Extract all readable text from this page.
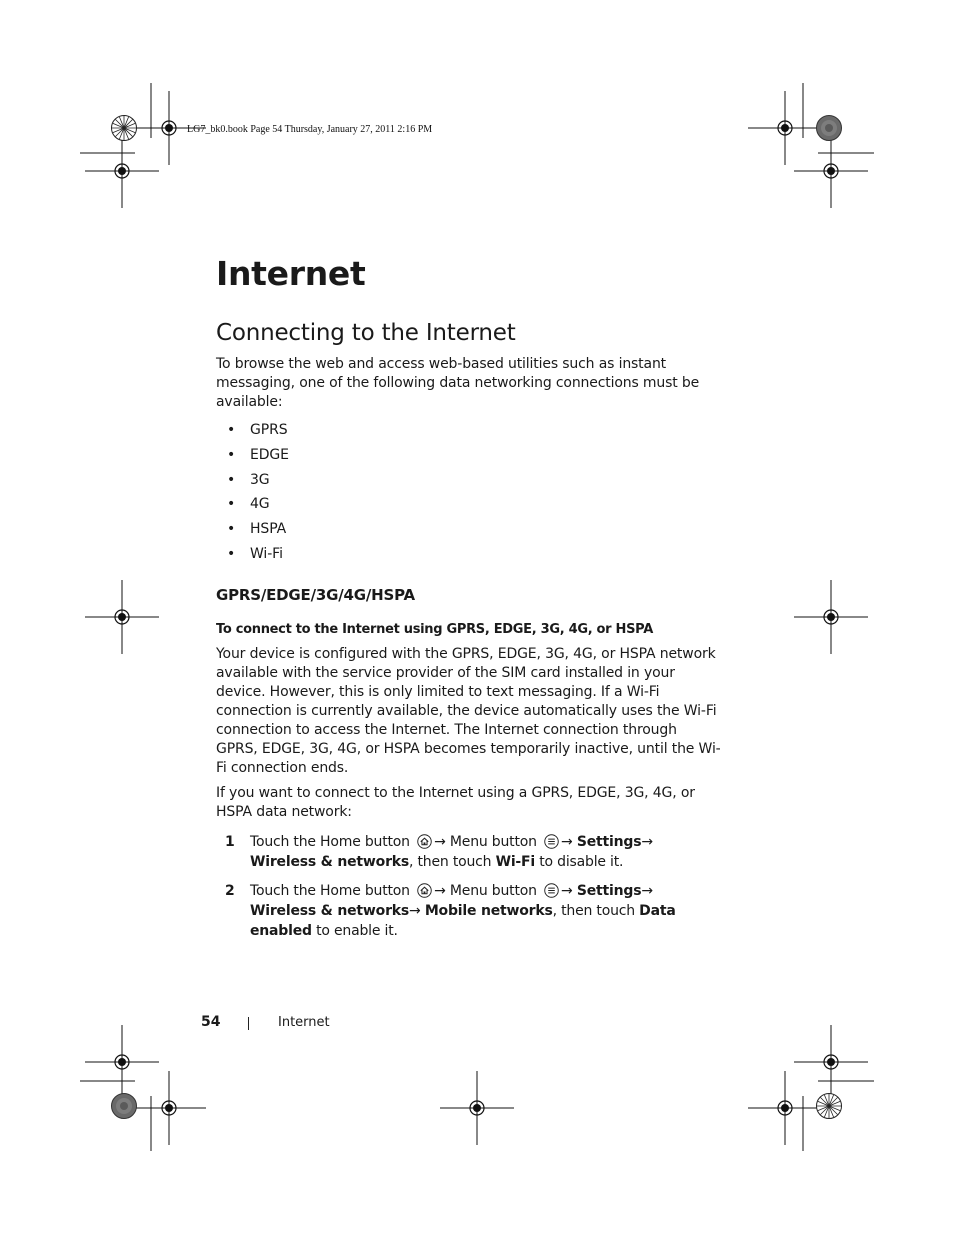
LG7_bk0.book Page 54 Thursday, January 27, 2011 2:16 PM
Internet
Connecting to the Internet

To browse the web and access web-based utilities such as instant messaging, one of the following data networking connections must be available:

• GPRS
• EDGE
• 3G
• 4G
• HSPA
• Wi-Fi
GPRS/EDGE/3G/4G/HSPA
To connect to the Internet using GPRS, EDGE, 3G, 4G, or HSPA

Your device is configured with the GPRS, EDGE, 3G, 4G, or HSPA network available with the service provider of the SIM card installed in your device. However, this is only limited to text messaging. If a Wi-Fi connection is currently available, the device automatically uses the Wi-Fi connection to access the Internet. The Internet connection through GPRS, EDGE, 3G, 4G, or HSPA becomes temporarily inactive, until the Wi-Fi connection ends.

If you want to connect to the Internet using a GPRS, EDGE, 3G, 4G, or HSPA data network:

1 Touch the Home button → Menu button → Settings→ Wireless & networks, then touch Wi-Fi to disable it.
2 Touch the Home button → Menu button → Settings→ Wireless & networks→ Mobile networks, then touch Data enabled to enable it.
54	Internet
